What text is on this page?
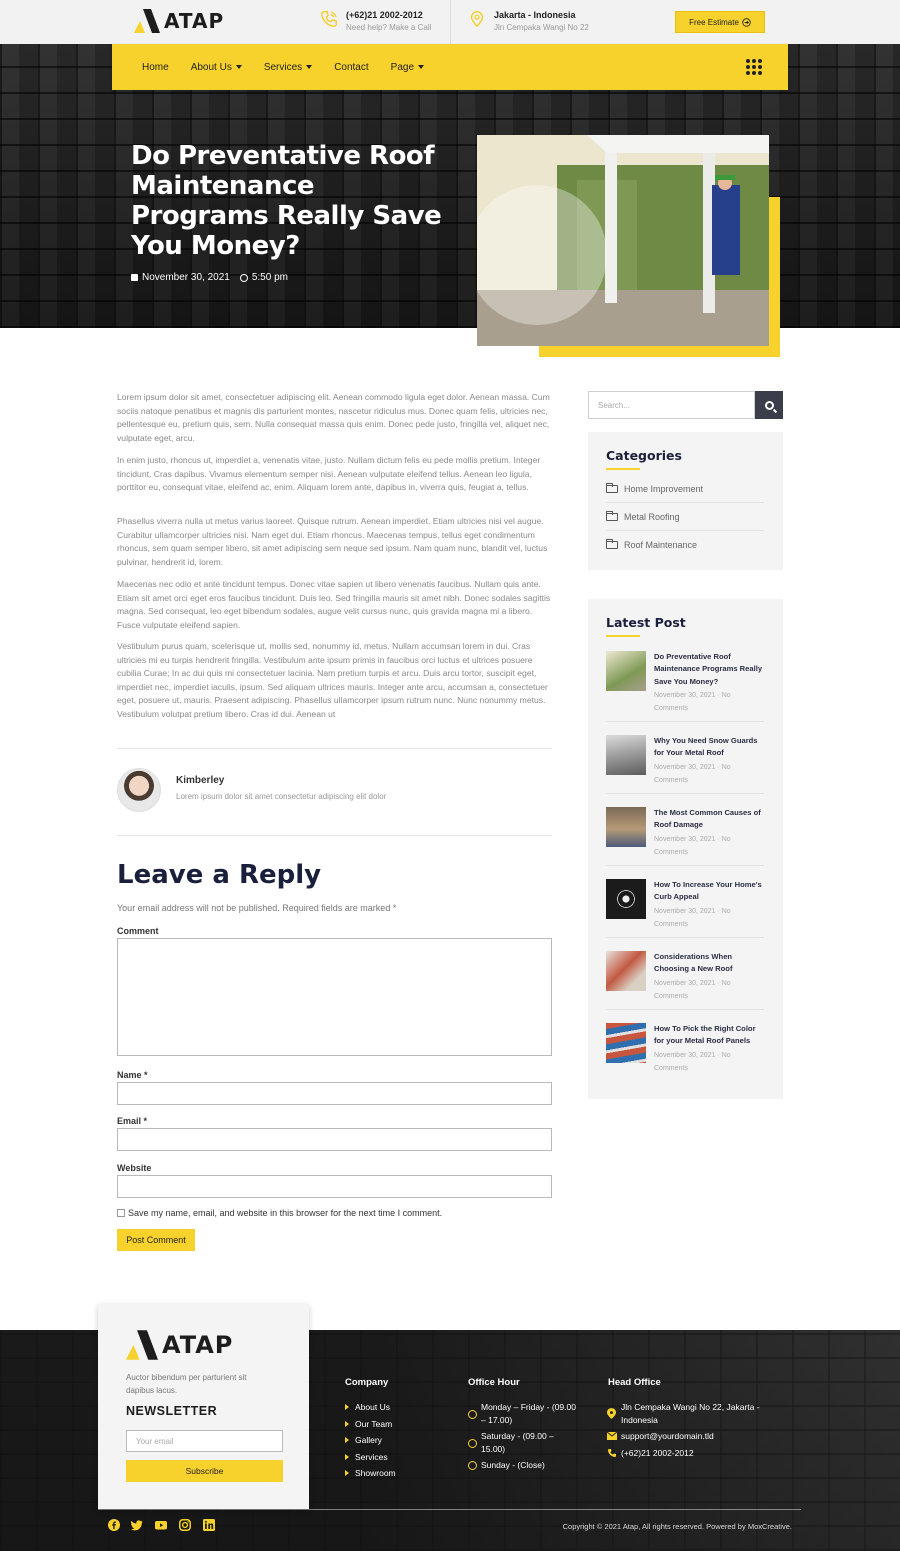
ATAP	(+62)21 2002-2012
Need help? Make a Call
Jakarta - Indonesia
Jln Cempaka Wangi No 22
Free Estimate
Home About Us	Services	Contact Page
Do Preventative Roof Maintenance Programs Really Save You Money?
November 30, 2021 5:50 pm

Lorem ipsum dolor sit amet, consectetuer adipiscing elit. Aenean commodo ligula eget dolor. Aenean massa. Cum sociis natoque penatibus et magnis dis parturient montes, nascetur ridiculus mus. Donec quam felis, ultricies nec, pellentesque eu, pretium quis, sem. Nulla consequat massa quis enim. Donec pede justo, fringilla vel, aliquet nec, vulputate eget, arcu.

In enim justo, rhoncus ut, imperdiet a, venenatis vitae, justo. Nullam dictum felis eu pede mollis pretium. Integer tincidunt. Cras dapibus. Vivamus elementum semper nisi. Aenean vulputate eleifend tellus. Aenean leo ligula, porttitor eu, consequat vitae, eleifend ac, enim. Aliquam lorem ante, dapibus in, viverra quis, feugiat a, tellus.

Phasellus viverra nulla ut metus varius laoreet. Quisque rutrum. Aenean imperdiet. Etiam ultricies nisi vel augue. Curabitur ullamcorper ultricies nisi. Nam eget dui. Etiam rhoncus. Maecenas tempus, tellus eget condimentum rhoncus, sem quam semper libero, sit amet adipiscing sem neque sed ipsum. Nam quam nunc, blandit vel, luctus pulvinar, hendrerit id, lorem.

Maecenas nec odio et ante tincidunt tempus. Donec vitae sapien ut libero venenatis faucibus. Nullam quis ante. Etiam sit amet orci eget eros faucibus tincidunt. Duis leo. Sed fringilla mauris sit amet nibh. Donec sodales sagittis magna. Sed consequat, leo eget bibendum sodales, augue velit cursus nunc, quis gravida magna mi a libero. Fusce vulputate eleifend sapien.

Vestibulum purus quam, scelerisque ut, mollis sed, nonummy id, metus. Nullam accumsan lorem in dui. Cras ultricies mi eu turpis hendrerit fringilla. Vestibulum ante ipsum primis in faucibus orci luctus et ultrices posuere cubilia Curae; In ac dui quis mi consectetuer lacinia. Nam pretium turpis et arcu. Duis arcu tortor, suscipit eget, imperdiet nec, imperdiet iaculis, ipsum. Sed aliquam ultrices mauris. Integer ante arcu, accumsan a, consectetuer eget, posuere ut, mauris. Praesent adipiscing. Phasellus ullamcorper ipsum rutrum nunc. Nunc nonummy metus. Vestibulum volutpat pretium libero. Cras id dui. Aenean ut

Kimberley
Lorem ipsum dolor sit amet consectetur adipiscing elit dolor
Leave a Reply
Your email address will not be published. Required fields are marked *
Comment
Name *
Email *
Website
Save my name, email, and website in this browser for the next time I comment.
Post Comment
Search...
Categories
Home Improvement
Metal Roofing
Roof Maintenance
Latest Post
Do Preventative Roof Maintenance Programs Really Save You Money?
November 30, 2021 · No Comments
Why You Need Snow Guards for Your Metal Roof
November 30, 2021 · No Comments
The Most Common Causes of Roof Damage
November 30, 2021 · No Comments
How To Increase Your Home's Curb Appeal
November 30, 2021 · No Comments
Considerations When Choosing a New Roof
November 30, 2021 · No Comments
How To Pick the Right Color for your Metal Roof Panels
November 30, 2021 · No Comments
ATAP
Auctor bibendum per parturient sit dapibus lacus.
NEWSLETTER
Your email
Subscribe
Company
About Us
Our Team
Gallery
Services
Showroom
Office Hour
Monday – Friday - (09.00 – 17.00)
Saturday - (09.00 – 15.00)
Sunday - (Close)
Head Office
Jln Cempaka Wangi No 22, Jakarta - Indonesia
support@yourdomain.tld
(+62)21 2002-2012
Copyright © 2021 Atap, All rights reserved. Powered by MoxCreative.
